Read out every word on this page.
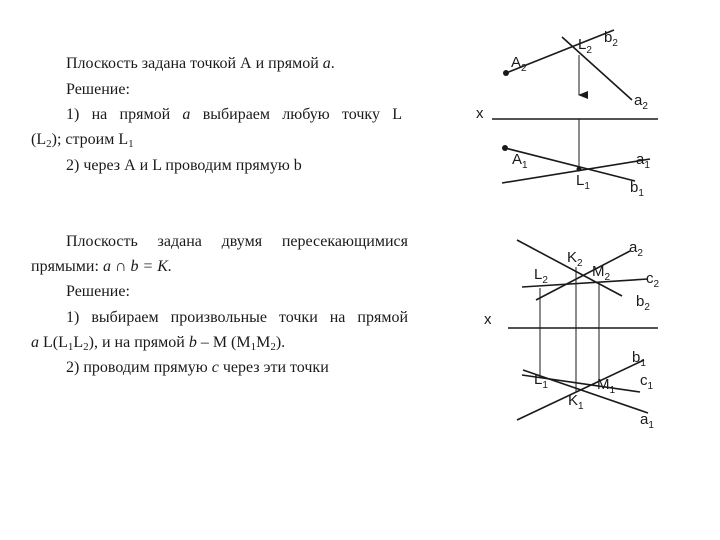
Плоскость задана точкой А и прямой а.
Решение:
1) на прямой а выбираем любую точку L
$(L_2)$; строим $L_1$
2) через А и L проводим прямую b
Плоскость задана двумя пересекающимися
прямыми: a ∩ b = K.
Решение:
1) выбираем произвольные точки на прямой
a $L(L_1L_2)$, и на прямой b – M $(M_1M_2)$.
2) проводим прямую c через эти точки
x
$A_2$
$L_2$
$b_2$
$a_2$
$A_1$	$a_1$
$L_1$	$b_1$
x
$K_2$
$a_2$
$L_2$
$M_2$ $c_2$
$b_2$
$b_1$
$L_1$	$M_1$
$c_1$
$K_1$
$a_1$
